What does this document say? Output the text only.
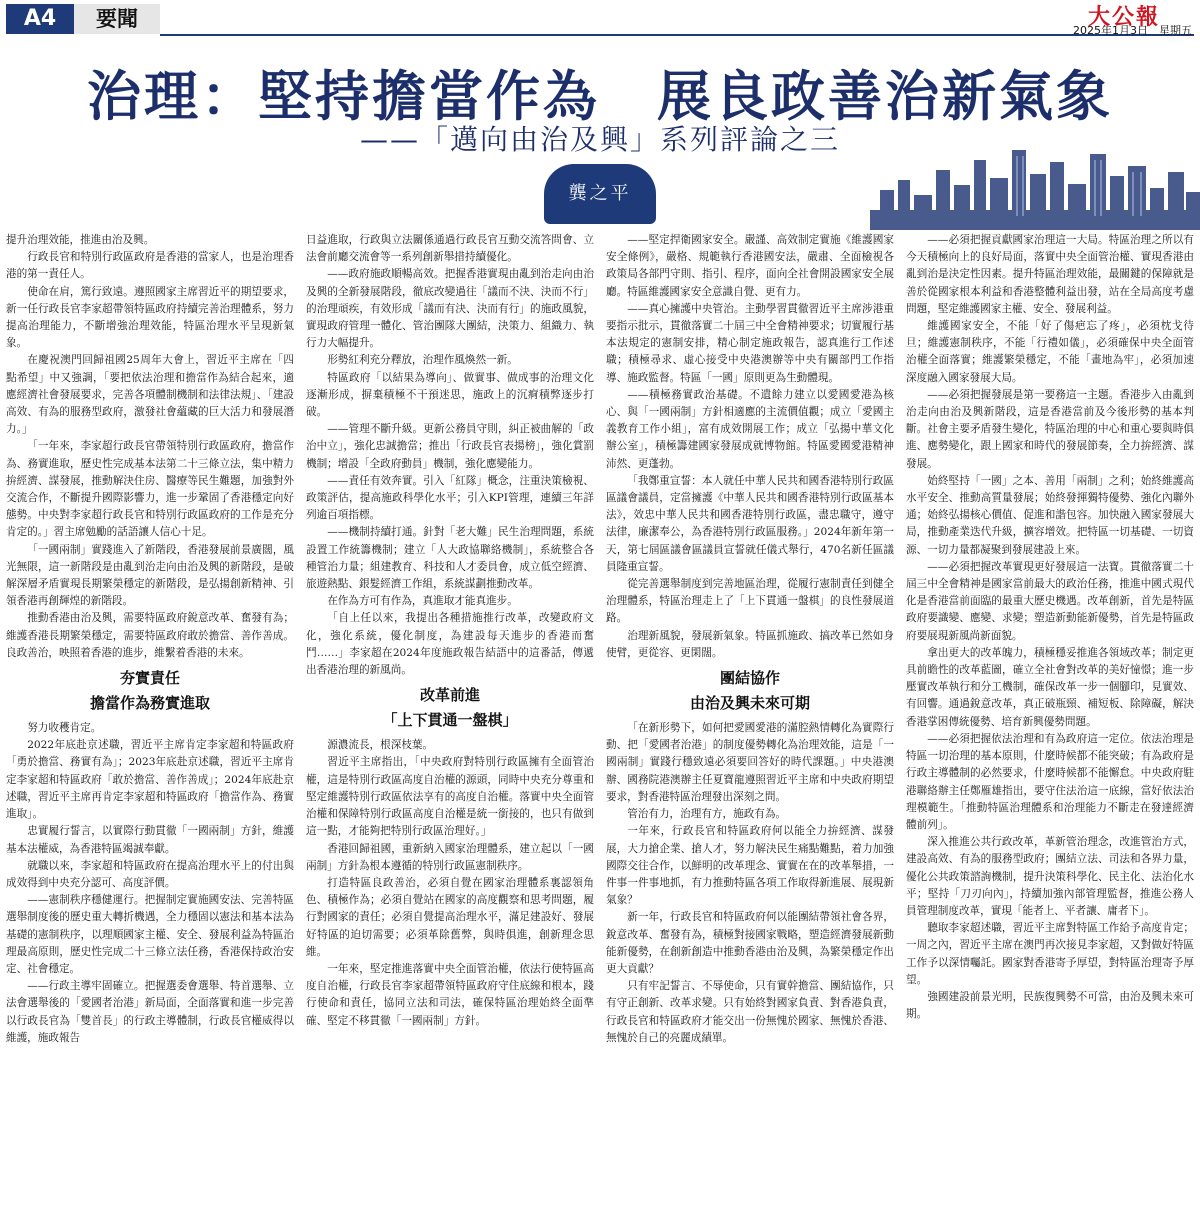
A4	要聞	大公報
2025年1月3日　星期五
治理：堅持擔當作為　展良政善治新氣象
——「邁向由治及興」系列評論之三
龔之平

提升治理效能，推進由治及興。

行政長官和特別行政區政府是香港的當家人，也是治理香港的第一責任人。

使命在肩，篤行致遠。遵照國家主席習近平的期望要求，新一任行政長官李家超帶領特區政府持續完善治理體系，努力提高治理能力，不斷增強治理效能，特區治理水平呈現新氣象。

在慶祝澳門回歸祖國25周年大會上，習近平主席在「四點希望」中又強調，「要把依法治理和擔當作為結合起來，適應經濟社會發展要求，完善各項體制機制和法律法規」、「建設高效、有為的服務型政府，激發社會蘊藏的巨大活力和發展潛力。」

「一年來，李家超行政長官帶領特別行政區政府，擔當作為、務實進取，歷史性完成基本法第二十三條立法，集中精力拚經濟、謀發展，推動解決住房、醫療等民生難題，加強對外交流合作，不斷提升國際影響力，進一步鞏固了香港穩定向好態勢。中央對李家超行政長官和特別行政區政府的工作是充分肯定的。」習主席勉勵的話語讓人信心十足。

「一國兩制」實踐進入了新階段，香港發展前景廣闊，風光無限，這一新階段是由亂到治走向由治及興的新階段，是破解深層矛盾實現長期繁榮穩定的新階段，是弘揚創新精神、引領香港再創輝煌的新階段。

推動香港由治及興，需要特區政府銳意改革、奮發有為；維護香港長期繁榮穩定，需要特區政府敢於擔當、善作善成。良政善治，映照着香港的進步，維繫着香港的未來。

夯實責任
擔當作為務實進取

努力收穫肯定。

2022年底赴京述職，習近平主席肯定李家超和特區政府「勇於擔當、務實有為」；2023年底赴京述職，習近平主席肯定李家超和特區政府「敢於擔當、善作善成」；2024年底赴京述職，習近平主席再肯定李家超和特區政府「擔當作為、務實進取」。

忠實履行誓言，以實際行動貫徹「一國兩制」方針，維護基本法權威，為香港特區竭誠奉獻。

就職以來，李家超和特區政府在提高治理水平上的付出與成效得到中央充分認可、高度評價。

——憲制秩序穩健運行。把握制定實施國安法、完善特區選舉制度後的歷史重大轉折機遇，全力穩固以憲法和基本法為基礎的憲制秩序，以理順國家主權、安全、發展利益為特區治理最高原則，歷史性完成二十三條立法任務，香港保持政治安定、社會穩定。

——行政主導牢固確立。把握選委會選舉、特首選舉、立法會選舉後的「愛國者治港」新局面，全面落實和進一步完善以行政長官為「雙首長」的行政主導體制，行政長官權威得以維護，施政報告

日益進取，行政與立法關係通過行政長官互動交流答問會、立法會前廳交流會等一系列創新舉措持續優化。

——政府施政順暢高效。把握香港實現由亂到治走向由治及興的全新發展階段，徹底改變過往「議而不決、決而不行」的治理頑疾，有效形成「議而有決、決而有行」的施政風貌，實現政府管理一體化、管治團隊大團結，決策力、組織力、執行力大幅提升。

形勢紅利充分釋放，治理作風煥然一新。

特區政府「以結果為導向」、做實事、做成事的治理文化逐漸形成，摒棄積極不干預迷思，施政上的沉痾積弊逐步打破。

——管理不斷升級。更新公務員守則，糾正被曲解的「政治中立」，強化忠誠擔當；推出「行政長官表揚榜」，強化賞罰機制；增設「全政府動員」機制，強化應變能力。

——責任有效奔實。引入「紅隊」概念，注重決策檢視、政策評估，提高施政科學化水平；引入KPI管理，連續三年詳列逾百項指標。

——機制持續打通。針對「老大難」民生治理問題，系統設置工作統籌機制；建立「人大政協聯絡機制」，系統整合各種管治力量；組建教育、科技和人才委員會，成立低空經濟、旅遊熱點、銀髮經濟工作組，系統謀劃推動改革。

在作為方可有作為，真進取才能真進步。

「自上任以來，我提出各種措施推行改革，改變政府文化，強化系統，優化制度，為建設每天進步的香港而奮鬥……」李家超在2024年度施政報告結語中的這番話，傳遞出香港治理的新風尚。

改革前進
「上下貫通一盤棋」

源濃流長，根深枝葉。

習近平主席指出，「中央政府對特別行政區擁有全面管治權，這是特別行政區高度自治權的源頭，同時中央充分尊重和堅定維護特別行政區依法享有的高度自治權。落實中央全面管治權和保障特別行政區高度自治權是統一銜接的，也只有做到這一點，才能夠把特別行政區治理好。」

香港回歸祖國，重新納入國家治理體系，建立起以「一國兩制」方針為根本遵循的特別行政區憲制秩序。

打造特區良政善治，必須自覺在國家治理體系裏認領角色、積極作為；必須自覺站在國家的高度觀察和思考問題，履行對國家的責任；必須自覺提高治理水平，滿足建設好、發展好特區的迫切需要；必須革除舊弊，與時俱進，創新理念思維。

一年來，堅定推進落實中央全面管治權，依法行使特區高度自治權，行政長官李家超帶領特區政府守住底線和根本，踐行使命和責任，協同立法和司法，確保特區治理始終全面準確、堅定不移貫徹「一國兩制」方針。

——堅定捍衛國家安全。嚴謹、高效制定實施《維護國家安全條例》，嚴格、規範執行香港國安法，嚴肅、全面檢視各政策局各部門守則、指引、程序，面向全社會開設國家安全展廳。特區維護國家安全意識自覺、更有力。

——真心擁護中央管治。主動學習貫徹習近平主席涉港重要指示批示，貫徹落實二十屆三中全會精神要求；切實履行基本法規定的憲制安排，精心制定施政報告，認真進行工作述職；積極尋求、虛心接受中央港澳辦等中央有關部門工作指導、施政監督。特區「一國」原則更為生動體現。

——積極務實政治基礎。不遺餘力建立以愛國愛港為核心、與「一國兩制」方針相適應的主流價值觀；成立「愛國主義教育工作小組」，富有成效開展工作；成立「弘揚中華文化辦公室」，積極籌建國家發展成就博物館。特區愛國愛港精神沛然、更蓬勃。

「我鄭重宣誓：本人就任中華人民共和國香港特別行政區區議會議員，定當擁護《中華人民共和國香港特別行政區基本法》，效忠中華人民共和國香港特別行政區，盡忠職守，遵守法律，廉潔奉公，為香港特別行政區服務。」2024年新年第一天，第七屆區議會區議員宣誓就任儀式舉行，470名新任區議員隆重宣誓。

從完善選舉制度到完善地區治理，從履行憲制責任到健全治理體系，特區治理走上了「上下貫通一盤棋」的良性發展道路。

治理新風貌，發展新氣象。特區抓施政、搞改革已然如身使臂，更從容、更閑闊。

團結協作
由治及興未來可期

「在新形勢下，如何把愛國愛港的滿腔熱情轉化為實際行動、把「愛國者治港」的制度優勢轉化為治理效能，這是「一國兩制」實踐行穩致遠必須要回答好的時代課題。」中央港澳辦、國務院港澳辦主任夏寶龍遵照習近平主席和中央政府期望要求，對香港特區治理發出深刻之問。

管治有力，治理有方，施政有為。

一年來，行政長官和特區政府何以能全力拚經濟、謀發展，大力搶企業、搶人才，努力解決民生痛點難點，着力加強國際交往合作，以鮮明的改革理念、實實在在的改革舉措，一件事一件事地抓，有力推動特區各項工作取得新進展、展現新氣象？

新一年，行政長官和特區政府何以能團結帶領社會各界，銳意改革、奮發有為，積極對接國家戰略，塑造經濟發展新動能新優勢，在創新創造中推動香港由治及興，為繁榮穩定作出更大貢獻？

只有牢記誓言、不辱使命，只有實幹擔當、團結協作，只有守正創新、改革求變。只有始終對國家負責、對香港負責，行政長官和特區政府才能交出一份無愧於國家、無愧於香港、無愧於自己的亮麗成績單。

——必須把握貢獻國家治理這一大局。特區治理之所以有今天積極向上的良好局面，落實中央全面管治權、實現香港由亂到治是決定性因素。提升特區治理效能，最關鍵的保障就是善於從國家根本利益和香港整體利益出發，站在全局高度考慮問題，堅定維護國家主權、安全、發展利益。

維護國家安全，不能「好了傷疤忘了疼」，必須枕戈待旦；維護憲制秩序，不能「行禮如儀」，必須確保中央全面管治權全面落實；維護繁榮穩定，不能「畫地為牢」，必須加速深度融入國家發展大局。

——必須把握發展是第一要務這一主題。香港步入由亂到治走向由治及興新階段，這是香港當前及今後形勢的基本判斷。社會主要矛盾發生變化，特區治理的中心和重心要與時俱進、應勢變化，跟上國家和時代的發展節奏，全力拚經濟、謀發展。

始終堅持「一國」之本、善用「兩制」之利；始終維護高水平安全、推動高質量發展；始終發揮獨特優勢、強化內聯外通；始終弘揚核心價值、促進和諧包容。加快融入國家發展大局，推動產業迭代升級，擴容增效。把特區一切基礎、一切資源、一切力量都凝聚到發展建設上來。

——必須把握改革實現更好發展這一法寶。貫徹落實二十屆三中全會精神是國家當前最大的政治任務，推進中國式現代化是香港當前面臨的最重大歷史機遇。改革創新，首先是特區政府要識變、應變、求變；塑造新動能新優勢，首先是特區政府要展現新風尚新面貌。

拿出更大的改革魄力，積極穩妥推進各領域改革；制定更具前瞻性的改革藍圖，確立全社會對改革的美好憧憬；進一步壓實改革執行和分工機制，確保改革一步一個腳印，見實效、有回響。通過銳意改革，真正破瓶頸、補短板、除障礙，解決香港掌困傳統優勢、培育新興優勢問題。

——必須把握依法治理和有為政府這一定位。依法治理是特區一切治理的基本原則，什麼時候都不能突破；有為政府是行政主導體制的必然要求，什麼時候都不能懈怠。中央政府駐港聯絡辦主任鄭雁雄指出，要守住法治這一底線，當好依法治理模範生。「推動特區治理體系和治理能力不斷走在發達經濟體前列」。

深入推進公共行政改革，革新管治理念，改進管治方式，建設高效、有為的服務型政府；團結立法、司法和各界力量，優化公共政策諮詢機制，提升決策科學化、民主化、法治化水平；堅持「刀刃向內」，持續加強內部管理監督，推進公務人員管理制度改革，實現「能者上、平者讓、庸者下」。

聽取李家超述職，習近平主席對特區工作給予高度肯定；一周之內，習近平主席在澳門再次接見李家超，又對做好特區工作予以深情囑託。國家對香港寄予厚望，對特區治理寄予厚望。

強國建設前景光明，民族復興勢不可當，由治及興未來可期。
